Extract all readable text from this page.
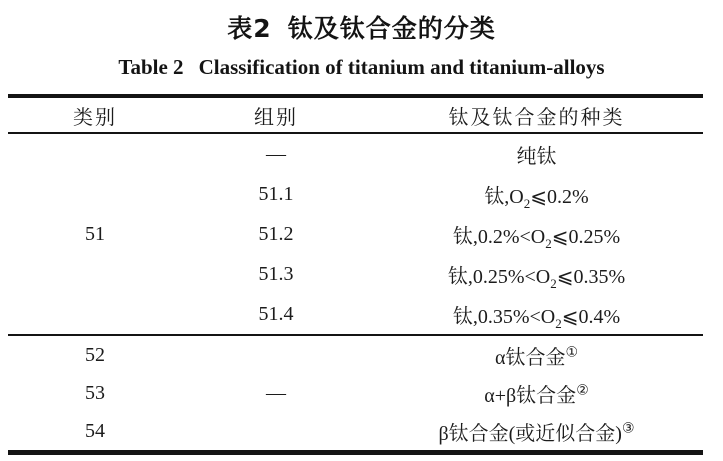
表2 钛及钛合金的分类
Table 2 Classification of titanium and titanium-alloys
类别	组别	钛及钛合金的种类
51	—	纯钛
	51.1	钛$,O_2⩽0.2\%$
	51.2	钛$,0.2\%<O_2⩽0.25\%$
	51.3	钛$,0.25\%<O_2⩽0.35\%$
	51.4	钛$,0.35\%<O_2⩽0.4\%$
52	—	α钛合金①
53		α+β钛合金②
54		β钛合金(或近似合金)③
